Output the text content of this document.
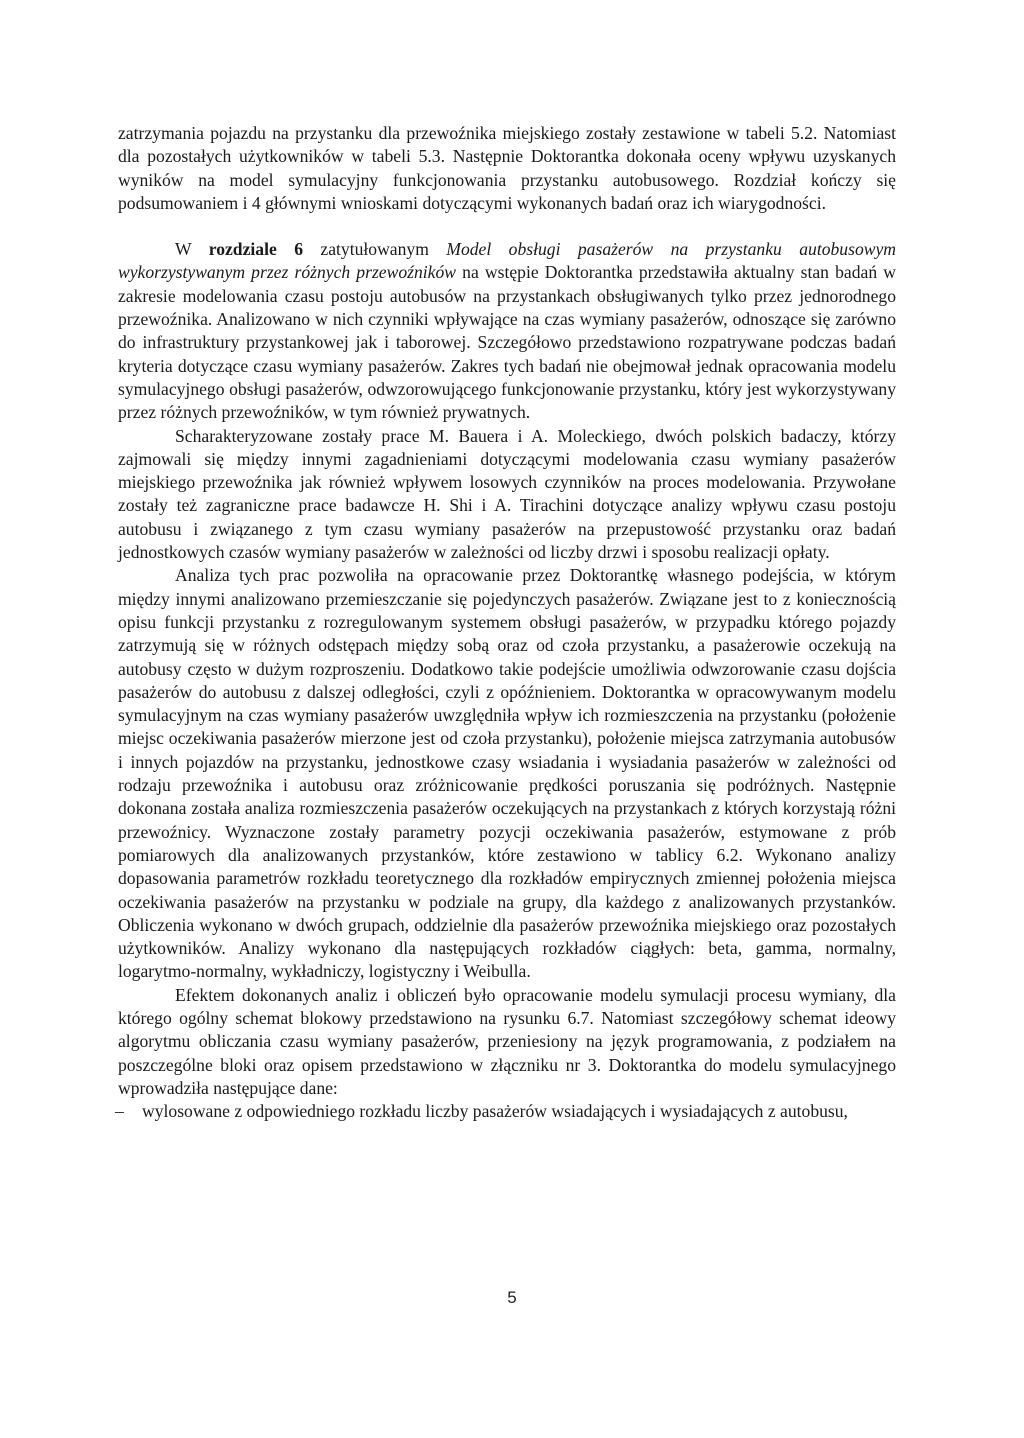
zatrzymania pojazdu na przystanku dla przewoźnika miejskiego zostały zestawione w tabeli 5.2. Natomiast dla pozostałych użytkowników w tabeli 5.3. Następnie Doktorantka dokonała oceny wpływu uzyskanych wyników na model symulacyjny funkcjonowania przystanku autobusowego. Rozdział kończy się podsumowaniem i 4 głównymi wnioskami dotyczącymi wykonanych badań oraz ich wiarygodności.

W rozdziale 6 zatytułowanym Model obsługi pasażerów na przystanku autobusowym wykorzystywanym przez różnych przewoźników na wstępie Doktorantka przedstawiła aktualny stan badań w zakresie modelowania czasu postoju autobusów na przystankach obsługiwanych tylko przez jednorodnego przewoźnika. Analizowano w nich czynniki wpływające na czas wymiany pasażerów, odnoszące się zarówno do infrastruktury przystankowej jak i taborowej. Szczegółowo przedstawiono rozpatrywane podczas badań kryteria dotyczące czasu wymiany pasażerów. Zakres tych badań nie obejmował jednak opracowania modelu symulacyjnego obsługi pasażerów, odwzorowującego funkcjonowanie przystanku, który jest wykorzystywany przez różnych przewoźników, w tym również prywatnych.

Scharakteryzowane zostały prace M. Bauera i A. Moleckiego, dwóch polskich badaczy, którzy zajmowali się między innymi zagadnieniami dotyczącymi modelowania czasu wymiany pasażerów miejskiego przewoźnika jak również wpływem losowych czynników na proces modelowania. Przywołane zostały też zagraniczne prace badawcze H. Shi i A. Tirachini dotyczące analizy wpływu czasu postoju autobusu i związanego z tym czasu wymiany pasażerów na przepustowość przystanku oraz badań jednostkowych czasów wymiany pasażerów w zależności od liczby drzwi i sposobu realizacji opłaty.

Analiza tych prac pozwoliła na opracowanie przez Doktorantkę własnego podejścia, w którym między innymi analizowano przemieszczanie się pojedynczych pasażerów. Związane jest to z koniecznością opisu funkcji przystanku z rozregulowanym systemem obsługi pasażerów, w przypadku którego pojazdy zatrzymują się w różnych odstępach między sobą oraz od czoła przystanku, a pasażerowie oczekują na autobusy często w dużym rozproszeniu. Dodatkowo takie podejście umożliwia odwzorowanie czasu dojścia pasażerów do autobusu z dalszej odległości, czyli z opóźnieniem. Doktorantka w opracowywanym modelu symulacyjnym na czas wymiany pasażerów uwzględniła wpływ ich rozmieszczenia na przystanku (położenie miejsc oczekiwania pasażerów mierzone jest od czoła przystanku), położenie miejsca zatrzymania autobusów i innych pojazdów na przystanku, jednostkowe czasy wsiadania i wysiadania pasażerów w zależności od rodzaju przewoźnika i autobusu oraz zróżnicowanie prędkości poruszania się podróżnych. Następnie dokonana została analiza rozmieszczenia pasażerów oczekujących na przystankach z których korzystają różni przewoźnicy. Wyznaczone zostały parametry pozycji oczekiwania pasażerów, estymowane z prób pomiarowych dla analizowanych przystanków, które zestawiono w tablicy 6.2. Wykonano analizy dopasowania parametrów rozkładu teoretycznego dla rozkładów empirycznych zmiennej położenia miejsca oczekiwania pasażerów na przystanku w podziale na grupy, dla każdego z analizowanych przystanków. Obliczenia wykonano w dwóch grupach, oddzielnie dla pasażerów przewoźnika miejskiego oraz pozostałych użytkowników. Analizy wykonano dla następujących rozkładów ciągłych: beta, gamma, normalny, logarytmo-normalny, wykładniczy, logistyczny i Weibulla.

Efektem dokonanych analiz i obliczeń było opracowanie modelu symulacji procesu wymiany, dla którego ogólny schemat blokowy przedstawiono na rysunku 6.7. Natomiast szczegółowy schemat ideowy algorytmu obliczania czasu wymiany pasażerów, przeniesiony na język programowania, z podziałem na poszczególne bloki oraz opisem przedstawiono w złączniku nr 3. Doktorantka do modelu symulacyjnego wprowadziła następujące dane:

– wylosowane z odpowiedniego rozkładu liczby pasażerów wsiadających i wysiadających z autobusu,
5
